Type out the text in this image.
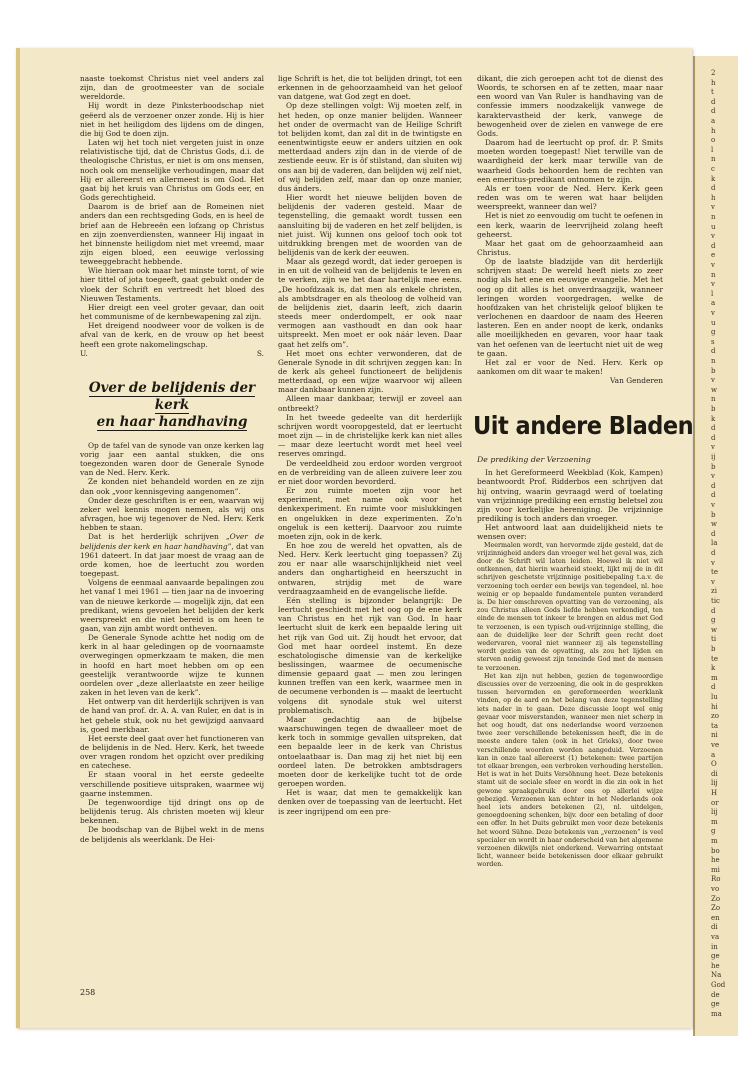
2
h
t
d
d
a
h
o
l
n
c
k
d
h
v
n
u
v
d
e
v
n
v
l
a
v
u
g
s
d
n
b
v
w
n
b
k
d
d
v
ij
b
v
d
d
v
b
w
d
la
d
v
te
v
zi
tic
d
g
w
ti
b
te
k
m
d
lu
hi
zo
ta
ni
ve
a
O
di
lij
H
or
lij
m
g
m
bo
he
mi
Ro
vo
Zo
Zo
en
di
va
in
ge
he
Na
God
de
ge
ma

naaste toekomst Christus niet veel anders zal zijn, dan de grootmeester van de sociale wereldorde.

Hij wordt in deze Pinksterboodschap niet geëerd als de verzoener onzer zonde. Hij is hier niet in het heiligdom des lijdens om de dingen, die bij God te doen zijn.

Laten wij het toch niet vergeten juist in onze relativistische tijd, dat de Christus Gods, d.i. de theologische Christus, er niet is om ons mensen, noch ook om menselijke verhoudingen, maar dat Hij er allereerst en allermeest is om God. Het gaat bij het kruis van Christus om Gods eer, en Gods gerechtigheid.

Daarom is de brief aan de Romeinen niet anders dan een rechtsgeding Gods, en is heel de brief aan de Hebreeën een lofzang op Christus en zijn zoenverdiensten, wanneer Hij ingaat in het binnenste heiligdom niet met vreemd, maar zijn eigen bloed, een eeuwige verlossing teweeggebracht hebbende.

Wie hieraan ook maar het minste tornt, of wie hier tittel of jota toegeeft, gaat gebukt onder de vloek der Schrift en vertreedt het bloed des Nieuwen Testaments.

Hier dreigt een veel groter gevaar, dan ooit het communisme of de kernbewapening zal zijn.

Het dreigend noodweer voor de volken is de afval van de kerk, en de vrouw op het beest heeft een grote nakomelingschap.

U.	S.
Over de belijdenis der kerk
en haar handhaving

Op de tafel van de synode van onze kerken lag vorig jaar een aantal stukken, die ons toegezonden waren door de Generale Synode van de Ned. Herv. Kerk.

Ze konden niet behandeld worden en ze zijn dan ook „voor kennisgeving aangenomen”.

Onder deze geschriften is er een, waarvan wij zeker wel kennis mogen nemen, als wij ons afvragen, hoe wij tegenover de Ned. Herv. Kerk hebben te staan.

Dat is het herderlijk schrijven „Over de belijdenis der kerk en haar handhaving”, dat van 1961 dateert. In dat jaar moest de vraag aan de orde komen, hoe de leertucht zou worden toegepast.

Volgens de eenmaal aanvaarde bepalingen zou het vanaf 1 mei 1961 — tien jaar na de invoering van de nieuwe kerkorde — mogelijk zijn, dat een predikant, wiens gevoelen het belijden der kerk weerspreekt en die niet bereid is om heen te gaan, van zijn ambt wordt ontheven.

De Generale Synode achtte het nodig om de kerk in al haar geledingen op de voornaamste overwegingen opmerkzaam te maken, die men in hoofd en hart moet hebben om op een geestelijk verantwoorde wijze te kunnen oordelen over „deze allerlaatste en zeer heilige zaken in het leven van de kerk”.

Het ontwerp van dit herderlijk schrijven is van de hand van prof. dr. A. A. van Ruler, en dat is in het gehele stuk, ook nu het gewijzigd aanvaard is, goed merkbaar.

Het eerste deel gaat over het functioneren van de belijdenis in de Ned. Herv. Kerk, het tweede over vragen rondom het opzicht over prediking en catechese.

Er staan vooral in het eerste gedeelte verschillende positieve uitspraken, waarmee wij gaarne instemmen.

De tegenwoordige tijd dringt ons op de belijdenis terug. Als christen moeten wij kleur bekennen.

De boodschap van de Bijbel wekt in de mens de belijdenis als weerklank. De Hei-

lige Schrift is het, die tot belijden dringt, tot een erkennen in de gehoorzaamheid van het geloof van datgene, wat God zegt en doet.

Op deze stellingen volgt: Wij moeten zelf, in het heden, op onze manier belijden. Wanneer het onder de overmacht van de Heilige Schrift tot belijden komt, dan zal dit in de twintigste en eenentwintigste eeuw er anders uitzien en ook metterdaad anders zijn dan in de vierde of de zestiende eeuw. Er is ôf stilstand, dan sluiten wij ons aan bij de vaderen, dan belijden wij zelf niet, of wij belijden zelf, maar dan op onze manier, dus ánders.

Hier wordt het nieuwe belijden boven de belijdenis der vaderen gesteld. Maar de tegenstelling, die gemaakt wordt tussen een aansluiting bij de vaderen en het zelf belijden, is niet juist. Wij kunnen ons geloof toch ook tot uitdrukking brengen met de woorden van de belijdenis van de kerk der eeuwen.

Maar als gezegd wordt, dat ieder geroepen is in en uit de volheid van de belijdenis te leven en te werken, zijn we het daar hartelijk mee eens. „De hoofdzaak is, dat men als enkele christen, als ambtsdrager en als theoloog de volheid van de belijdenis ziet, daarin leeft, zich daarin steeds meer onderdompelt, er ook naar vermogen aan vasthoudt en dan ook haar uitspreekt. Men moet er ook náár leven. Daar gaat het zelfs om”.

Het moet ons echter verwonderen, dat de Generale Synode in dit schrijven zeggen kan: In de kerk als geheel functioneert de belijdenis metterdaad, op een wijze waarvoor wij alleen maar dankbaar kunnen zijn.

Alleen maar dankbaar, terwijl er zoveel aan ontbreekt?

In het tweede gedeelte van dit herderlijk schrijven wordt vooropgesteld, dat er leertucht moet zijn — in de christelijke kerk kan niet alles — maar deze leertucht wordt met heel veel reserves omringd.

De verdeeldheid zou erdoor worden vergroot en de verbreiding van de alleen zuivere leer zou er niet door worden bevorderd.

Er zou ruimte moeten zijn voor het experiment, met name ook voor het denkexperiment. En ruimte voor mislukkingen en ongelukken in deze experimenten. Zo'n ongeluk is een ketterij. Daarvoor zou ruimte moeten zijn, ook in de kerk.

En hoe zou de wereld het opvatten, als de Ned. Herv. Kerk leertucht ging toepassen? Zij zou er naar alle waarschijnlijkheid niet veel anders dan onghartigheid en heerszucht in ontwaren, strijdig met de ware verdraagzaamheid en de evangelische liefde.

Eén stelling is bijzonder belangrijk: De leertucht geschiedt met het oog op de ene kerk van Christus en het rijk van God. In haar leertucht sluit de kerk een bepaalde lering uit het rijk van God uit. Zij houdt het ervoor, dat God met haar oordeel instemt. En deze eschatologische dimensie van de kerkelijke beslissingen, waarmee de oecumenische dimensie gepaard gaat — men zou leringen kunnen treffen van een kerk, waarmee men in de oecumene verbonden is — maakt de leertucht volgens dit synodale stuk wel uiterst problematisch.

Maar gedachtig aan de bijbelse waarschuwingen tegen de dwaalleer moet de kerk toch in sommige gevallen uitspreken, dat een bepaalde leer in de kerk van Christus ontoelaatbaar is. Dan mag zij het niet bij een oordeel laten. De betrokken ambtsdragers moeten door de kerkelijke tucht tot de orde geroepen worden.

Het is waar, dat men te gemakkelijk kan denken over de toepassing van de leertucht. Het is zeer ingrijpend om een pre-

dikant, die zich geroepen acht tot de dienst des Woords, te schorsen en af te zetten, maar naar een woord van Van Ruler is handhaving van de confessie immers noodzakelijk vanwege de karaktervastheid der kerk, vanwege de bewogenheid over de zielen en vanwege de ere Gods.

Daarom had de leertucht op prof. dr. P. Smits moeten worden toegepast! Niet terwille van de waardigheid der kerk maar terwille van de waarheid Gods behoorden hem de rechten van een emeritus-predikant ontnomen te zijn.

Als er toen voor de Ned. Herv. Kerk geen reden was om te weren wat haar belijden weerspreekt, wanneer dan wel?

Het is niet zo eenvoudig om tucht te oefenen in een kerk, waarin de leervrijheid zolang heeft geheerst.

Maar het gaat om de gehoorzaamheid aan Christus.

Op de laatste bladzijde van dit herderlijk schrijven staat: De wereld heeft niets zo zeer nodig als het ene en eeuwige evangelie. Met het oog op dit alles is het onverdraagzijk, wanneer leringen worden voorgedragen, welke de hoofdzaken van het christelijk geloof blijken te verlochenen en daardoor de naam des Heeren lasteren. Een en ander noopt de kerk, ondanks alle moeilijkheden en gevaren, voor haar taak van het oefenen van de leertucht niet uit de weg te gaan.

Het zal er voor de Ned. Herv. Kerk op aankomen om dit waar te maken!

Van Genderen
Uit andere Bladen
De prediking der Verzoening

In het Gereformeerd Weekblad (Kok, Kampen) beantwoordt Prof. Ridderbos een schrijven dat hij ontving, waarin gevraagd werd of toelating van vrijzinnige prediking een ernstig beletsel zou zijn voor kerkelijke hereniging. De vrijzinnige prediking is toch anders dan vroeger.

Het antwoord laat aan duidelijkheid niets te wensen over:

Meermalen wordt, van hervormde zijde gesteld, dat de vrijzinnigheid anders dan vroeger wel het geval was, zich door de Schrift wil laten leiden. Hoewel ik niet wil ontkennen, dat hierin waarheid steekt, lijkt mij de in dit schrijven geschetste vrijzinnige positiebepaling t.a.v. de verzoening toch eerder een bewijs van tegendeel, nl. hoe weinig er op bepaalde fundamentele punten veranderd is. De hier omschreven opvatting van de verzoening, als zou Christus alleen Gods liefde hebben verkondigd, ten einde de mensen tot inkeer te brengen en aldus met God te verzoenen, is een typisch oud-vrijzinnige stelling, die aan de duidelijke leer der Schrift geen recht doet wedervaren, vooral niet wanneer zij als tegenstelling wordt gezien van de opvatting, als zou het lijden en sterven nodig geweest zijn teneinde God met de mensen te verzoenen.

Het kan zijn nut hebben, gezien de tegenwoordige discussies over de verzoening, die ook in de gesprekken tussen hervormden en gereformeerden weerklank vinden, op de aard en het belang van deze tegenstelling iets nader in te gaan. Deze discussie loopt wel enig gevaar voor misverstanden, wanneer men niet scherp in het oog houdt, dat ons nederlandse woord verzoenen twee zeer verschillende betekenissen heeft, die in de meeste andere talen (ook in het Grieks), door twee verschillende woorden worden aangeduid. Verzoenen kan in onze taal allereerst (1) betekenen: twee partijen tot elkaar brengen, een verbroken verhouding herstellen. Het is wat in het Duits Versöhnung heet. Deze betekenis stamt uit de sociale sfeer en wordt in die zin ook in het gewone spraakgebruik door ons op allerlei wijze gebezigd. Verzoenen kan echter in het Nederlands ook heel iets anders betekenen (2), nl. uitdelgen, genoegdoening schenken, bijv. door een betaling of door een offer. In het Duits gebruikt men voor deze betekenis het woord Sühne. Deze betekenis van „verzoenen” is veel specialer en wordt in haar onderscheid van het algemene verzoenen dikwijls niet onderkend. Verwarring ontstaat licht, wanneer beide betekenissen door elkaar gebruikt worden.

258
